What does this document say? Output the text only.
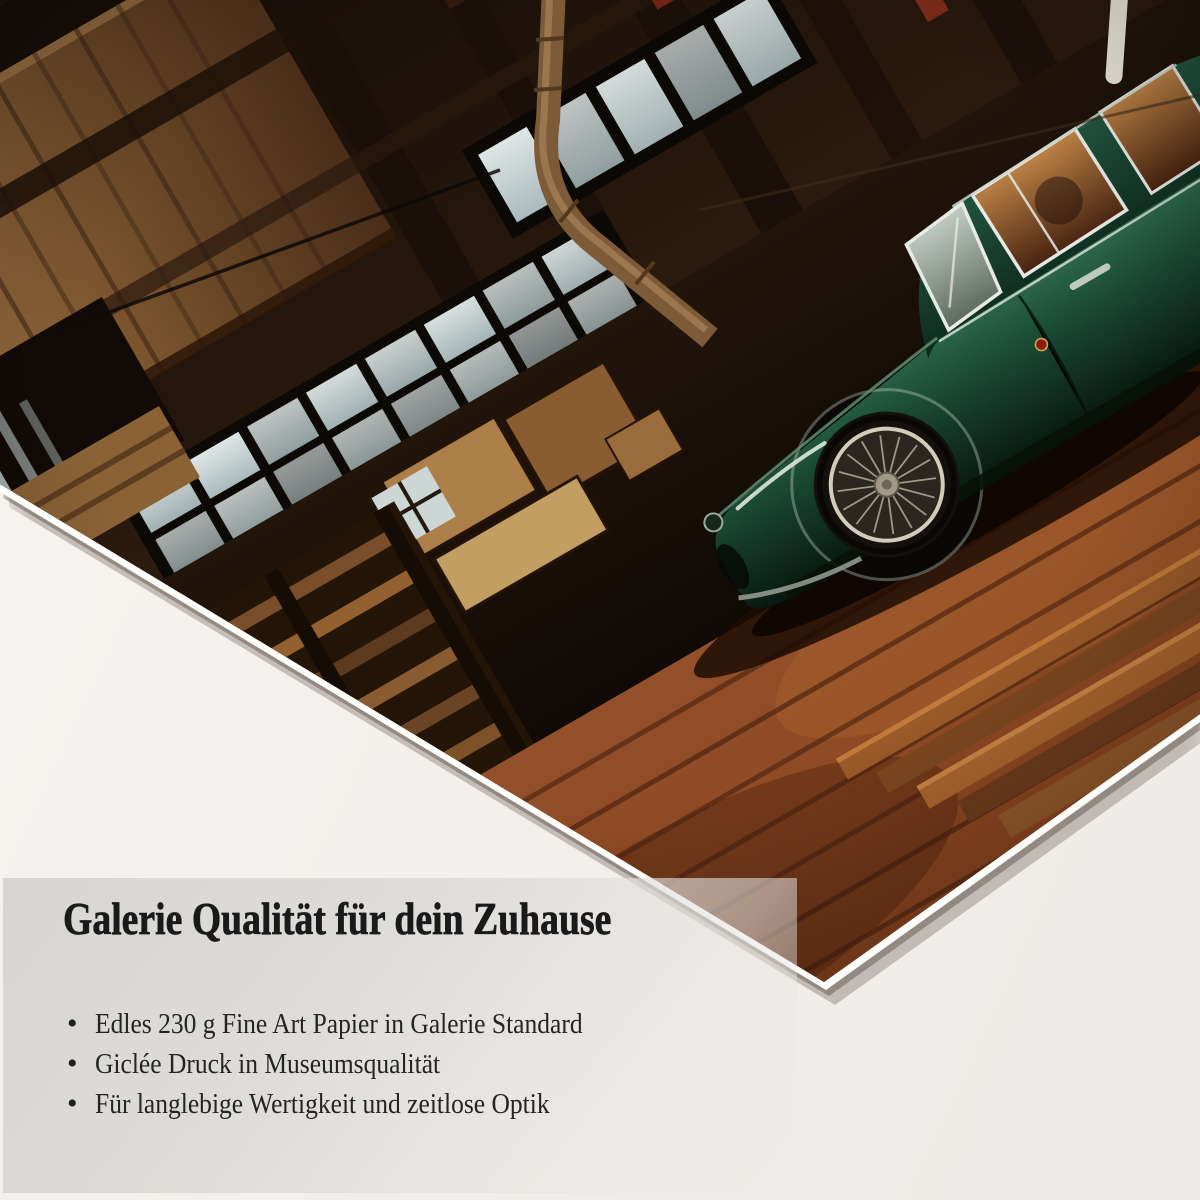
Galerie Qualität für dein Zuhause
• Edles 230 g Fine Art Papier in Galerie Standard
• Giclée Druck in Museumsqualität
• Für langlebige Wertigkeit und zeitlose Optik
